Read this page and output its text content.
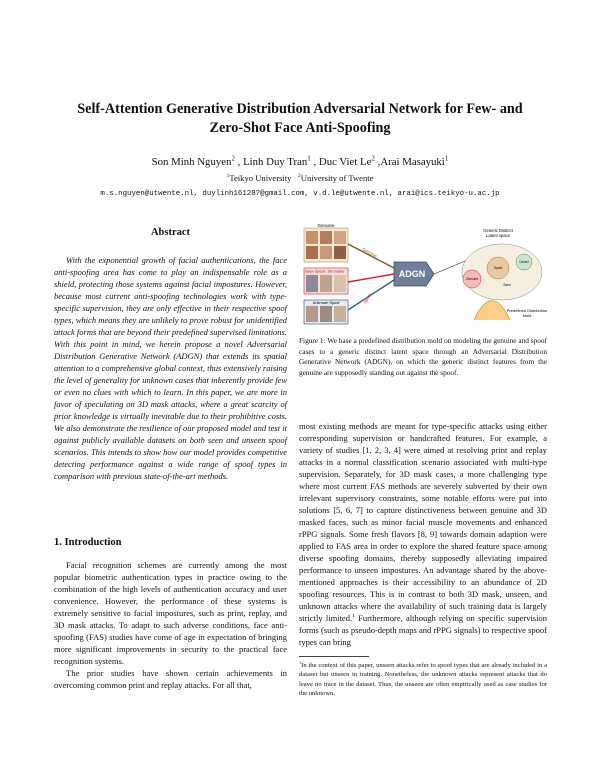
Self-Attention Generative Distribution Adversarial Network for Few- and
Zero-Shot Face Anti-Spoofing
Son Minh Nguyen$^2$ , Linh Duy Tran$^1$ , Duc Viet Le$^2$ ,Arai Masayuki$^1$
$^1$Teikyo University $^2$University of Twente
m.s.nguyen@utwente.nl, duylinh16128?@gmail.com, v.d.le@utwente.nl, arai@ics.teikyo-u.ac.jp
Abstract
With the exponential growth of facial authentications, the face anti-spoofing area has come to play an indispensable role as a shield, protecting those systems against facial impostures. However, because most current anti-spoofing technologies work with type-specific supervision, they are only effective in their respective spoof types, which means they are unlikely to prove robust for unidentified attack forms that are beyond their predefined supervised limitations. With this point in mind, we herein propose a novel Adversarial Distribution Generative Network (ADGN) that extends its spatial attention to a comprehensive global context, thus extensively raising the level of generality for unknown cases that inherently provide few or even no clues with which to learn. In this paper, we are more in favor of speculating on 3D mask attacks, where a great scarcity of prior knowledge is virtually inevitable due to their prohibitive costs. We also demonstrate the resilience of our proposed model and test it against publicly available datasets on both seen and unseen spoof scenarios. This intends to show how our model provides competitive detecting performance against a wide range of spoof types in comparison with previous state-of-the-art methods.
1. Introduction

Facial recognition schemes are currently among the most popular biometric authentication types in practice owing to the combination of the high levels of authentication accuracy and user convenience. However, the performance of these systems is extremely sensitive to facial impostures, such as print, replay, and 3D mask attacks. To adapt to such adverse conditions, face anti-spoofing (FAS) studies have come of age in expectation of bringing more significant improvements in security to the practical face recognition systems.

The prior studies have shown certain achievements in overcoming common print and replay attacks. For all that,

Genuine
Seen Spoof 3D masks
Unknown Spoof
Genuine
Spoof
ADGN
Generic Distinct
Latent space
Genuine
Spoof
Center
Seen
Predefined Distribution
Mold
Figure 1: We base a predefined distribution mold on modeling the genuine and spoof cases to a generic distinct latent space through an Adversarial Distribution Generative Network (ADGN), on which the generic distinct features from the genuine are supposedly standing out against the spoof.
most existing methods are meant for type-specific attacks using either corresponding supervision or handcrafted features. For example, a variety of studies [1, 2, 3, 4] were aimed at resolving print and replay attacks in a normal classification scenario associated with multi-type supervision. Separately, for 3D mask cases, a more challenging type where most current FAS methods are severely subverted by their own irrelevant supervisory constraints, some notable efforts were put into solutions [5, 6, 7] to capture distinctiveness between genuine and 3D masked faces, such as minor facial muscle movements and enhanced rPPG signals. Some fresh flavors [8, 9] towards domain adaption were applied to FAS area in order to explore the shared feature space among diverse spoofing domains, thereby supposedly alleviating impaired performance to unseen impostures. An advantage shared by the above-mentioned approaches is their accessibility to an abundance of 2D spoofing resources. This is in contrast to both 3D mask, unseen, and unknown attacks where the availability of such training data is largely strictly limited.$^1$ Furthermore, although relying on specific supervision forms (such as pseudo-depth maps and rPPG signals) to respective spoof types can bring
$^1$In the context of this paper, unseen attacks refer to spoof types that are already included in a dataset but unseen in training. Nonetheless, the unknown attacks represent attacks that do leave no trace in the dataset. Thus, the unseen are often empirically used as case studies for the unknown.
